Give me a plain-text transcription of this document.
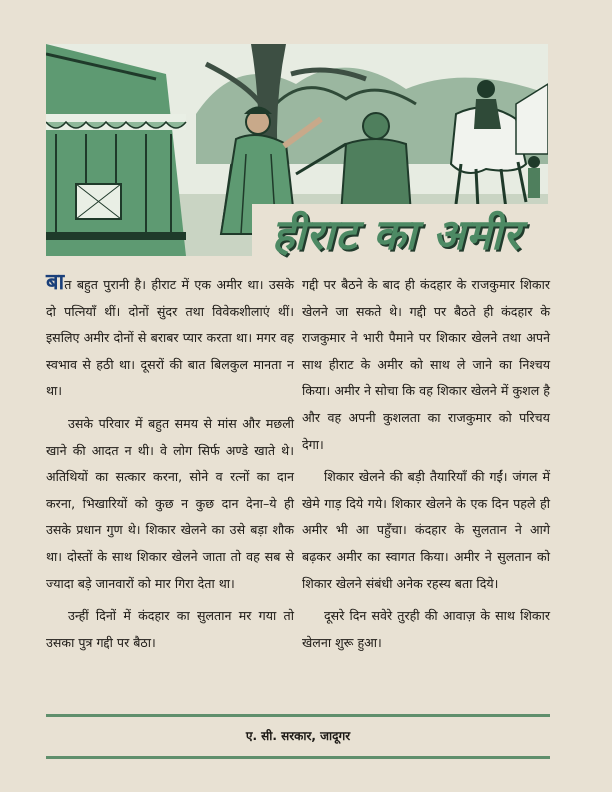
हीराट का अमीर

बात बहुत पुरानी है। हीराट में एक अमीर था। उसके दो पत्नियाँ थीं। दोनों सुंदर तथा विवेकशीलाएं थीं। इसलिए अमीर दोनों से बराबर प्यार करता था। मगर वह स्वभाव से हठी था। दूसरों की बात बिलकुल मानता न था।

उसके परिवार में बहुत समय से मांस और मछली खाने की आदत न थी। वे लोग सिर्फ अण्डे खाते थे। अतिथियों का सत्कार करना, सोने व रत्नों का दान करना, भिखारियों को कुछ न कुछ दान देना–ये ही उसके प्रधान गुण थे। शिकार खेलने का उसे बड़ा शौक था। दोस्तों के साथ शिकार खेलने जाता तो वह सब से ज्यादा बड़े जानवारों को मार गिरा देता था।

उन्हीं दिनों में कंदहार का सुलतान मर गया तो उसका पुत्र गद्दी पर बैठा।

गद्दी पर बैठने के बाद ही कंदहार के राजकुमार शिकार खेलने जा सकते थे। गद्दी पर बैठते ही कंदहार के राजकुमार ने भारी पैमाने पर शिकार खेलने तथा अपने साथ हीराट के अमीर को साथ ले जाने का निश्चय किया। अमीर ने सोचा कि वह शिकार खेलने में कुशल है और वह अपनी कुशलता का राजकुमार को परिचय देगा।

शिकार खेलने की बड़ी तैयारियाँ की गईं। जंगल में खेमे गाड़ दिये गये। शिकार खेलने के एक दिन पहले ही अमीर भी आ पहुँचा। कंदहार के सुलतान ने आगे बढ़कर अमीर का स्वागत किया। अमीर ने सुलतान को शिकार खेलने संबंधी अनेक रहस्य बता दिये।

दूसरे दिन सवेरे तुरही की आवाज़ के साथ शिकार खेलना शुरू हुआ।

ए. सी. सरकार, जादूगर
